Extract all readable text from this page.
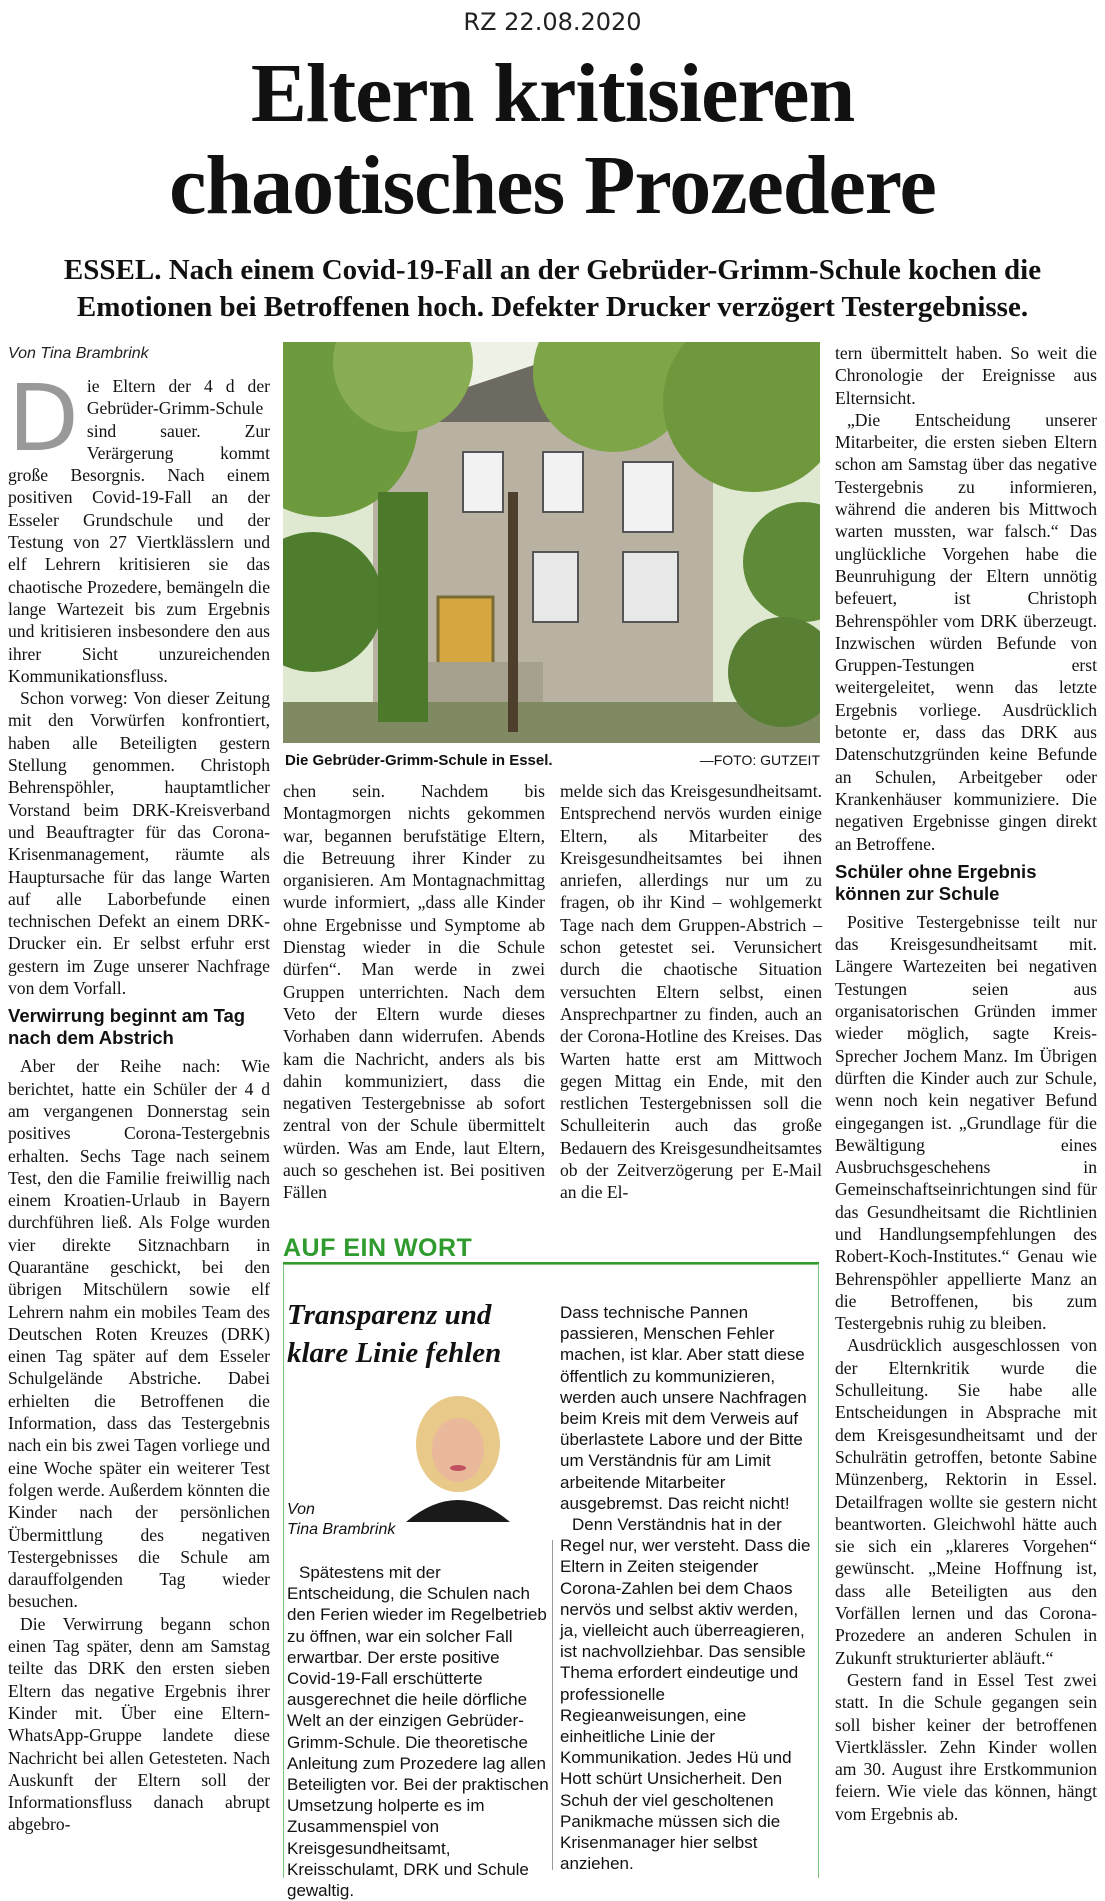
RZ 22.08.2020
Eltern kritisieren
chaotisches Prozedere
ESSEL. Nach einem Covid-19-Fall an der Gebrüder-Grimm-Schule kochen die Emotionen bei Betroffenen hoch. Defekter Drucker verzögert Testergebnisse.
Von Tina Brambrink
D ie Eltern der 4 d der Gebrüder-Grimm-Schule sind sauer. Zur Verärgerung kommt große Besorgnis. Nach einem positiven Covid-19-Fall an der Esseler Grundschule und der Testung von 27 Viertklässlern und elf Lehrern kritisieren sie das chaotische Prozedere, bemängeln die lange Wartezeit bis zum Ergebnis und kritisieren insbesondere den aus ihrer Sicht unzureichenden Kommunikationsfluss.

Schon vorweg: Von dieser Zeitung mit den Vorwürfen konfrontiert, haben alle Beteiligten gestern Stellung genommen. Christoph Behrenspöhler, hauptamtlicher Vorstand beim DRK-Kreisverband und Beauftragter für das Corona-Krisenmanagement, räumte als Hauptursache für das lange Warten auf alle Laborbefunde einen technischen Defekt an einem DRK-Drucker ein. Er selbst erfuhr erst gestern im Zuge unserer Nachfrage von dem Vorfall.

Verwirrung beginnt am Tag nach dem Abstrich

Aber der Reihe nach: Wie berichtet, hatte ein Schüler der 4 d am vergangenen Donnerstag sein positives Corona-Testergebnis erhalten. Sechs Tage nach seinem Test, den die Familie freiwillig nach einem Kroatien-Urlaub in Bayern durchführen ließ. Als Folge wurden vier direkte Sitznachbarn in Quarantäne geschickt, bei den übrigen Mitschülern sowie elf Lehrern nahm ein mobiles Team des Deutschen Roten Kreuzes (DRK) einen Tag später auf dem Esseler Schulgelände Abstriche. Dabei erhielten die Betroffenen die Information, dass das Testergebnis nach ein bis zwei Tagen vorliege und eine Woche später ein weiterer Test folgen werde. Außerdem könnten die Kinder nach der persönlichen Übermittlung des negativen Testergebnisses die Schule am darauffolgenden Tag wieder besuchen.

Die Verwirrung begann schon einen Tag später, denn am Samstag teilte das DRK den ersten sieben Eltern das negative Ergebnis ihrer Kinder mit. Über eine Eltern-WhatsApp-Gruppe landete diese Nachricht bei allen Getesteten. Nach Auskunft der Eltern soll der Informationsfluss danach abrupt abgebro-

Die Gebrüder-Grimm-Schule in Essel.	—FOTO: GUTZEIT

chen sein. Nachdem bis Montagmorgen nichts gekommen war, begannen berufstätige Eltern, die Betreuung ihrer Kinder zu organisieren. Am Montagnachmittag wurde informiert, „dass alle Kinder ohne Ergebnisse und Symptome ab Dienstag wieder in die Schule dürfen“. Man werde in zwei Gruppen unterrichten. Nach dem Veto der Eltern wurde dieses Vorhaben dann widerrufen. Abends kam die Nachricht, anders als bis dahin kommuniziert, dass die negativen Testergebnisse ab sofort zentral von der Schule übermittelt würden. Was am Ende, laut Eltern, auch so geschehen ist. Bei positiven Fällen

melde sich das Kreisgesundheitsamt. Entsprechend nervös wurden einige Eltern, als Mitarbeiter des Kreisgesundheitsamtes bei ihnen anriefen, allerdings nur um zu fragen, ob ihr Kind – wohlgemerkt Tage nach dem Gruppen-Abstrich – schon getestet sei. Verunsichert durch die chaotische Situation versuchten Eltern selbst, einen Ansprechpartner zu finden, auch an der Corona-Hotline des Kreises. Das Warten hatte erst am Mittwoch gegen Mittag ein Ende, mit den restlichen Testergebnissen soll die Schulleiterin auch das große Bedauern des Kreisgesundheitsamtes ob der Zeitverzögerung per E-Mail an die El-

tern übermittelt haben. So weit die Chronologie der Ereignisse aus Elternsicht.

„Die Entscheidung unserer Mitarbeiter, die ersten sieben Eltern schon am Samstag über das negative Testergebnis zu informieren, während die anderen bis Mittwoch warten mussten, war falsch.“ Das unglückliche Vorgehen habe die Beunruhigung der Eltern unnötig befeuert, ist Christoph Behrenspöhler vom DRK überzeugt. Inzwischen würden Befunde von Gruppen-Testungen erst weitergeleitet, wenn das letzte Ergebnis vorliege. Ausdrücklich betonte er, dass das DRK aus Datenschutzgründen keine Befunde an Schulen, Arbeitgeber oder Krankenhäuser kommuniziere. Die negativen Ergebnisse gingen direkt an Betroffene.

Schüler ohne Ergebnis können zur Schule

Positive Testergebnisse teilt nur das Kreisgesundheitsamt mit. Längere Wartezeiten bei negativen Testungen seien aus organisatorischen Gründen immer wieder möglich, sagte Kreis-Sprecher Jochem Manz. Im Übrigen dürften die Kinder auch zur Schule, wenn noch kein negativer Befund eingegangen ist. „Grundlage für die Bewältigung eines Ausbruchsgeschehens in Gemeinschaftseinrichtungen sind für das Gesundheitsamt die Richtlinien und Handlungsempfehlungen des Robert-Koch-Institutes.“ Genau wie Behrenspöhler appellierte Manz an die Betroffenen, bis zum Testergebnis ruhig zu bleiben.

Ausdrücklich ausgeschlossen von der Elternkritik wurde die Schulleitung. Sie habe alle Entscheidungen in Absprache mit dem Kreisgesundheitsamt und der Schulrätin getroffen, betonte Sabine Münzenberg, Rektorin in Essel. Detailfragen wollte sie gestern nicht beantworten. Gleichwohl hätte auch sie sich ein „klareres Vorgehen“ gewünscht. „Meine Hoffnung ist, dass alle Beteiligten aus den Vorfällen lernen und das Corona-Prozedere an anderen Schulen in Zukunft strukturierter abläuft.“

Gestern fand in Essel Test zwei statt. In die Schule gegangen sein soll bisher keiner der betroffenen Viertklässler. Zehn Kinder wollen am 30. August ihre Erstkommunion feiern. Wie viele das können, hängt vom Ergebnis ab.

AUF EIN WORT
Transparenz und klare Linie fehlen
Von
Tina Brambrink

Spätestens mit der Entscheidung, die Schulen nach den Ferien wieder im Regelbetrieb zu öffnen, war ein solcher Fall erwartbar. Der erste positive Covid-19-Fall erschütterte ausgerechnet die heile dörfliche Welt an der einzigen Gebrüder-Grimm-Schule. Die theoretische Anleitung zum Prozedere lag allen Beteiligten vor. Bei der praktischen Umsetzung holperte es im Zusammenspiel von Kreisgesundheitsamt, Kreisschulamt, DRK und Schule gewaltig.

Dass technische Pannen passieren, Menschen Fehler machen, ist klar. Aber statt diese öffentlich zu kommunizieren, werden auch unsere Nachfragen beim Kreis mit dem Verweis auf überlastete Labore und der Bitte um Verständnis für am Limit arbeitende Mitarbeiter ausgebremst. Das reicht nicht!

Denn Verständnis hat in der Regel nur, wer versteht. Dass die Eltern in Zeiten steigender Corona-Zahlen bei dem Chaos nervös und selbst aktiv werden, ja, vielleicht auch überreagieren, ist nachvollziehbar. Das sensible Thema erfordert eindeutige und professionelle Regieanweisungen, eine einheitliche Linie der Kommunikation. Jedes Hü und Hott schürt Unsicherheit. Den Schuh der viel gescholtenen Panikmache müssen sich die Krisenmanager hier selbst anziehen.
